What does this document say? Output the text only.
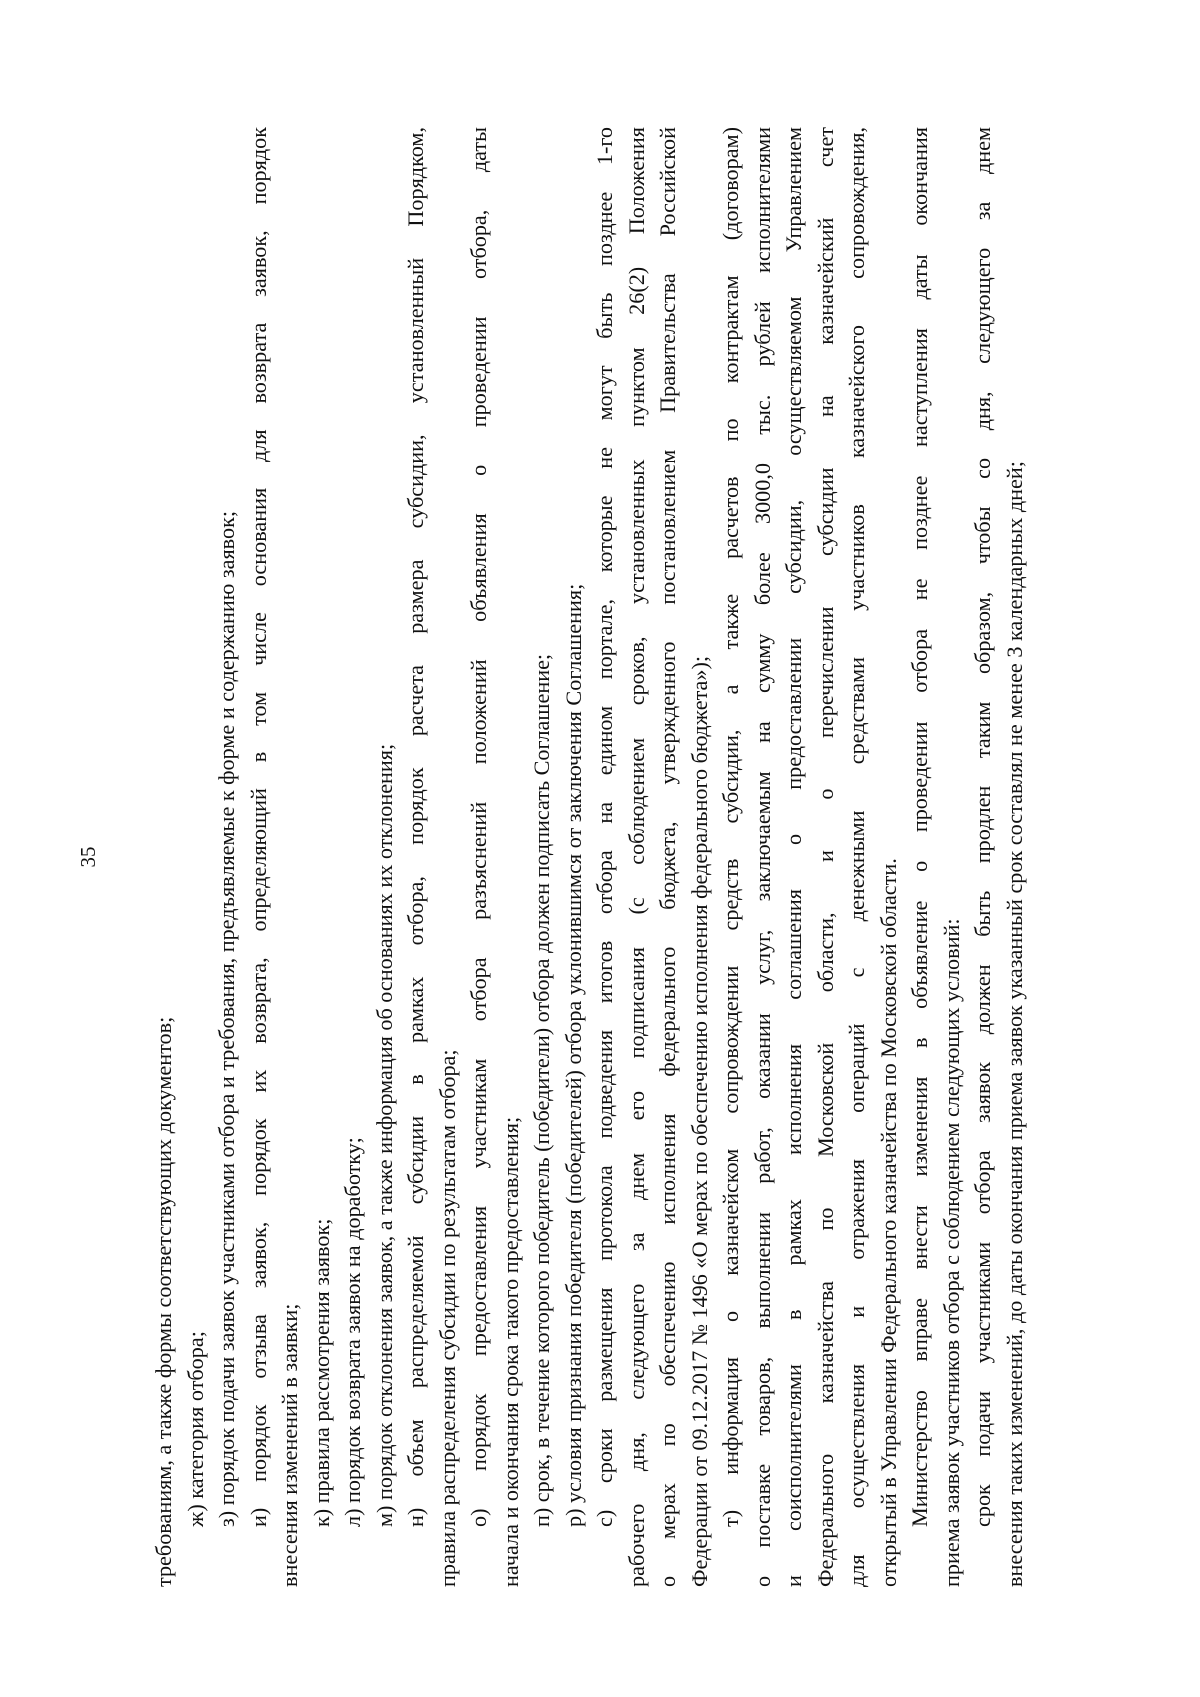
35
требованиям, а также формы соответствующих документов; ж) категория отбора; з) порядок подачи заявок участниками отбора и требования, предъявляемые к форме и содержанию заявок; и) порядок отзыва заявок, порядок их возврата, определяющий в том числе основания для возврата заявок, порядок внесения изменений в заявки; к) правила рассмотрения заявок; л) порядок возврата заявок на доработку; м) порядок отклонения заявок, а также информация об основаниях их отклонения; н) объем распределяемой субсидии в рамках отбора, порядок расчета размера субсидии, установленный Порядком, правила распределения субсидии по результатам отбора; о) порядок предоставления участникам отбора разъяснений положений объявления о проведении отбора, даты начала и окончания срока такого предоставления; п) срок, в течение которого победитель (победители) отбора должен подписать Соглашение; р) условия признания победителя (победителей) отбора уклонившимся от заключения Соглашения; с) сроки размещения протокола подведения итогов отбора на едином портале, которые не могут быть позднее 1-го рабочего дня, следующего за днем его подписания (с соблюдением сроков, установленных пунктом 26(2) Положения о мерах по обеспечению исполнения федерального бюджета, утвержденного постановлением Правительства Российской Федерации от 09.12.2017 № 1496 «О мерах по обеспечению исполнения федерального бюджета»); т) информация о казначейском сопровождении средств субсидии, а также расчетов по контрактам (договорам) о поставке товаров, выполнении работ, оказании услуг, заключаемым на сумму более 3000,0 тыс. рублей исполнителями и соисполнителями в рамках исполнения соглашения о предоставлении субсидии, осуществляемом Управлением Федерального казначейства по Московской области, и о перечислении субсидии на казначейский счет для осуществления и отражения операций с денежными средствами участников казначейского сопровождения, открытый в Управлении Федерального казначейства по Московской области. Министерство вправе внести изменения в объявление о проведении отбора не позднее наступления даты окончания приема заявок участников отбора с соблюдением следующих условий: срок подачи участниками отбора заявок должен быть продлен таким образом, чтобы со дня, следующего за днем внесения таких изменений, до даты окончания приема заявок указанный срок составлял не менее 3 календарных дней;
